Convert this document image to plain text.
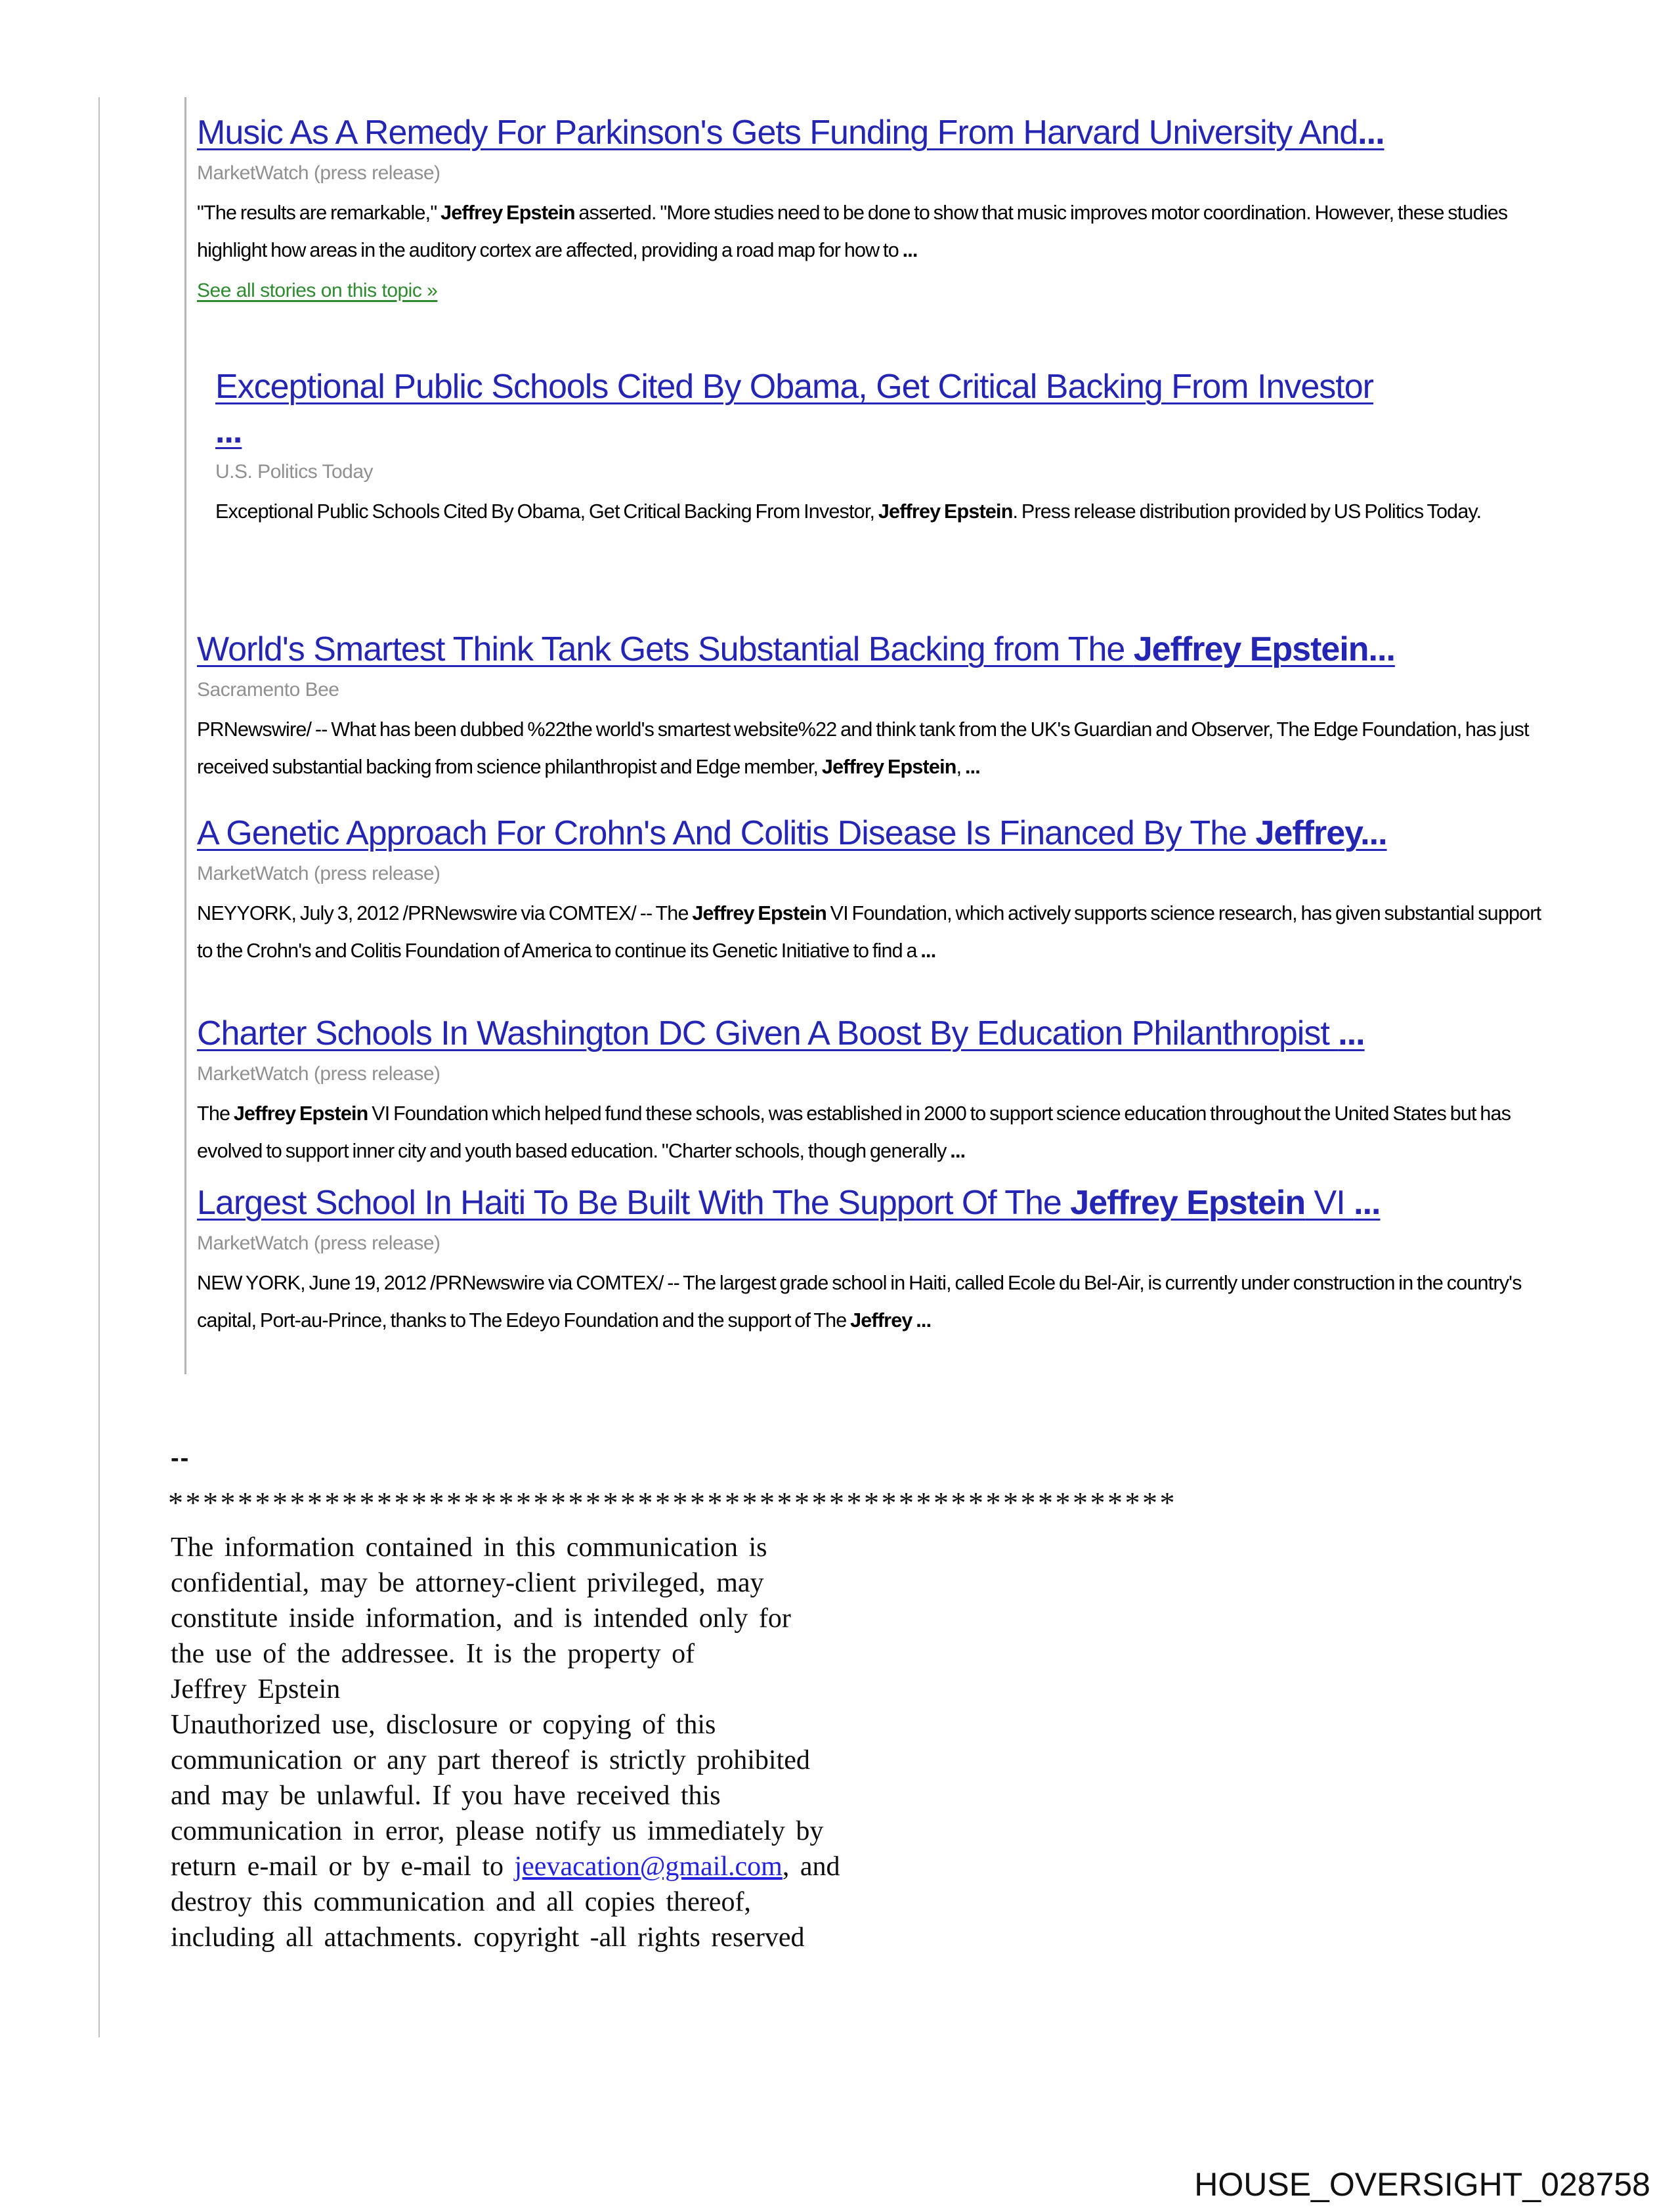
Music As A Remedy For Parkinson's Gets Funding From Harvard University And...
MarketWatch (press release)
"The results are remarkable," Jeffrey Epstein asserted. "More studies need to be done to show that music improves motor coordination. However, these studies highlight how areas in the auditory cortex are affected, providing a road map for how to ...
See all stories on this topic »
Exceptional Public Schools Cited By Obama, Get Critical Backing From Investor
...
U.S. Politics Today
Exceptional Public Schools Cited By Obama, Get Critical Backing From Investor, Jeffrey Epstein. Press release distribution provided by US Politics Today.
World's Smartest Think Tank Gets Substantial Backing from The Jeffrey Epstein...
Sacramento Bee
PRNewswire/ -- What has been dubbed %22the world's smartest website%22 and think tank from the UK's Guardian and Observer, The Edge Foundation, has just received substantial backing from science philanthropist and Edge member, Jeffrey Epstein, ...
A Genetic Approach For Crohn's And Colitis Disease Is Financed By The Jeffrey...
MarketWatch (press release)
NEYYORK, July 3, 2012 /PRNewswire via COMTEX/ -- The Jeffrey Epstein VI Foundation, which actively supports science research, has given substantial support to the Crohn's and Colitis Foundation of America to continue its Genetic Initiative to find a ...
Charter Schools In Washington DC Given A Boost By Education Philanthropist ...
MarketWatch (press release)
The Jeffrey Epstein VI Foundation which helped fund these schools, was established in 2000 to support science education throughout the United States but has evolved to support inner city and youth based education. "Charter schools, though generally ...
Largest School In Haiti To Be Built With The Support Of The Jeffrey Epstein VI ...
MarketWatch (press release)
NEW YORK, June 19, 2012 /PRNewswire via COMTEX/ -- The largest grade school in Haiti, called Ecole du Bel-Air, is currently under construction in the country's capital, Port-au-Prince, thanks to The Edeyo Foundation and the support of The Jeffrey ...
--
**********************************************************
The information contained in this communication is
confidential, may be attorney-client privileged, may
constitute inside information, and is intended only for
the use of the addressee. It is the property of
Jeffrey Epstein
Unauthorized use, disclosure or copying of this
communication or any part thereof is strictly prohibited
and may be unlawful. If you have received this
communication in error, please notify us immediately by
return e-mail or by e-mail to jeevacation@gmail.com, and
destroy this communication and all copies thereof,
including all attachments. copyright -all rights reserved
HOUSE_OVERSIGHT_028758
